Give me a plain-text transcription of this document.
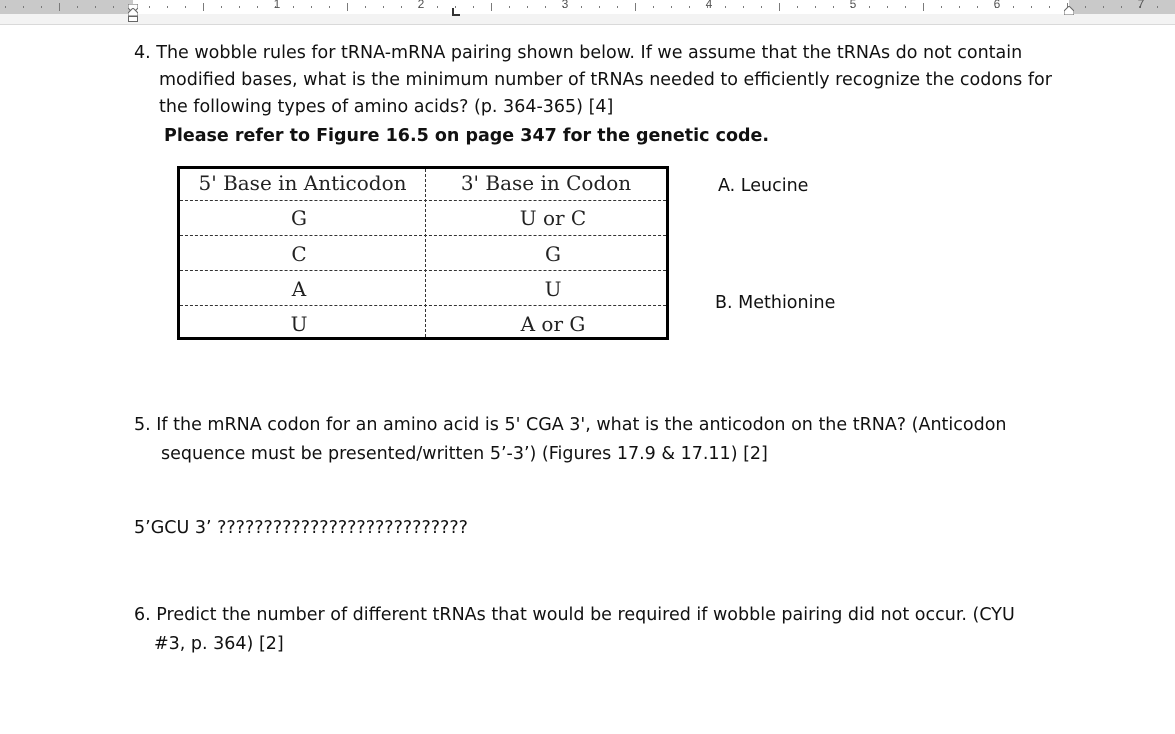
1	2	3	4	5	6	7
4. The wobble rules for tRNA-mRNA pairing shown below. If we assume that the tRNAs do not contain
modified bases, what is the minimum number of tRNAs needed to efficiently recognize the codons for
the following types of amino acids? (p. 364-365) [4]
Please refer to Figure 16.5 on page 347 for the genetic code.
5' Base in Anticodon	3' Base in Codon
G	U or C
C	G
A	U
U	A or G
A. Leucine
B. Methionine
5. If the mRNA codon for an amino acid is 5' CGA 3', what is the anticodon on the tRNA? (Anticodon
sequence must be presented/written 5’-3’) (Figures 17.9 & 17.11) [2]
5’GCU 3’ ???????????????????????????
6. Predict the number of different tRNAs that would be required if wobble pairing did not occur. (CYU
#3, p. 364) [2]
